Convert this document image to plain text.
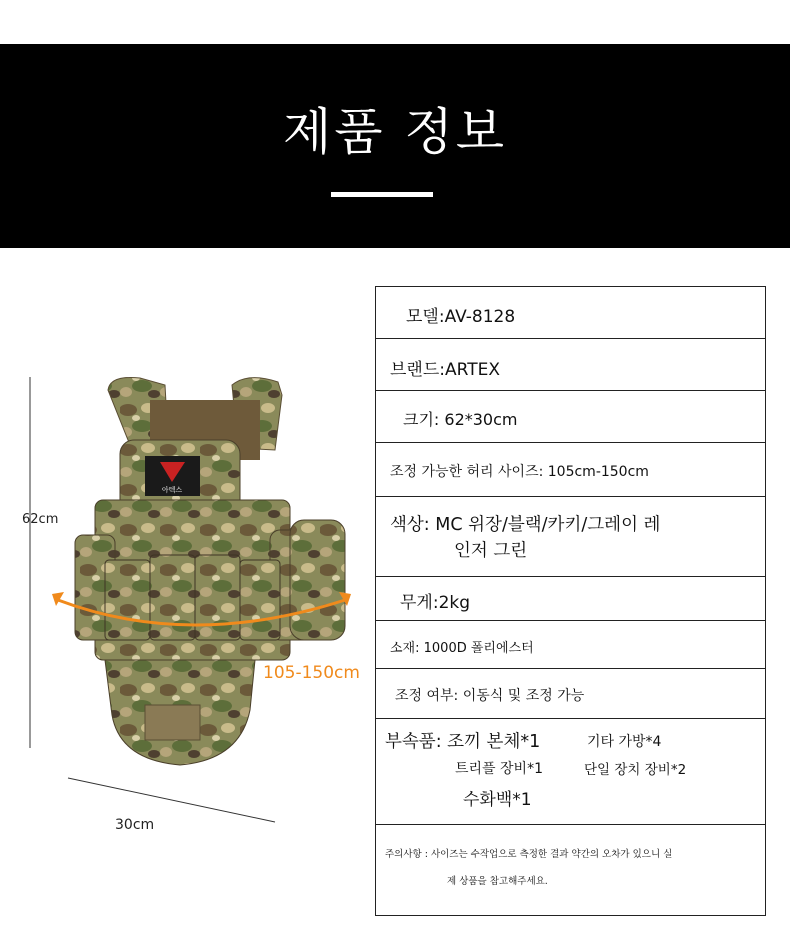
제품 정보
아텍스
62cm
105-150cm
30cm
모델:AV-8128
브랜드:ARTEX
크기: 62*30cm
조정 가능한 허리 사이즈: 105cm-150cm
색상: MC 위장/블랙/카키/그레이 레
인저 그린
무게:2kg
소재: 1000D 폴리에스터
조정 여부: 이동식 및 조정 가능
부속품: 조끼 본체*1	기타 가방*4
트리플 장비*1	단일 장치 장비*2
수화백*1
주의사항 : 사이즈는 수작업으로 측정한 결과 약간의 오차가 있으니 실
제 상품을 참고해주세요.
